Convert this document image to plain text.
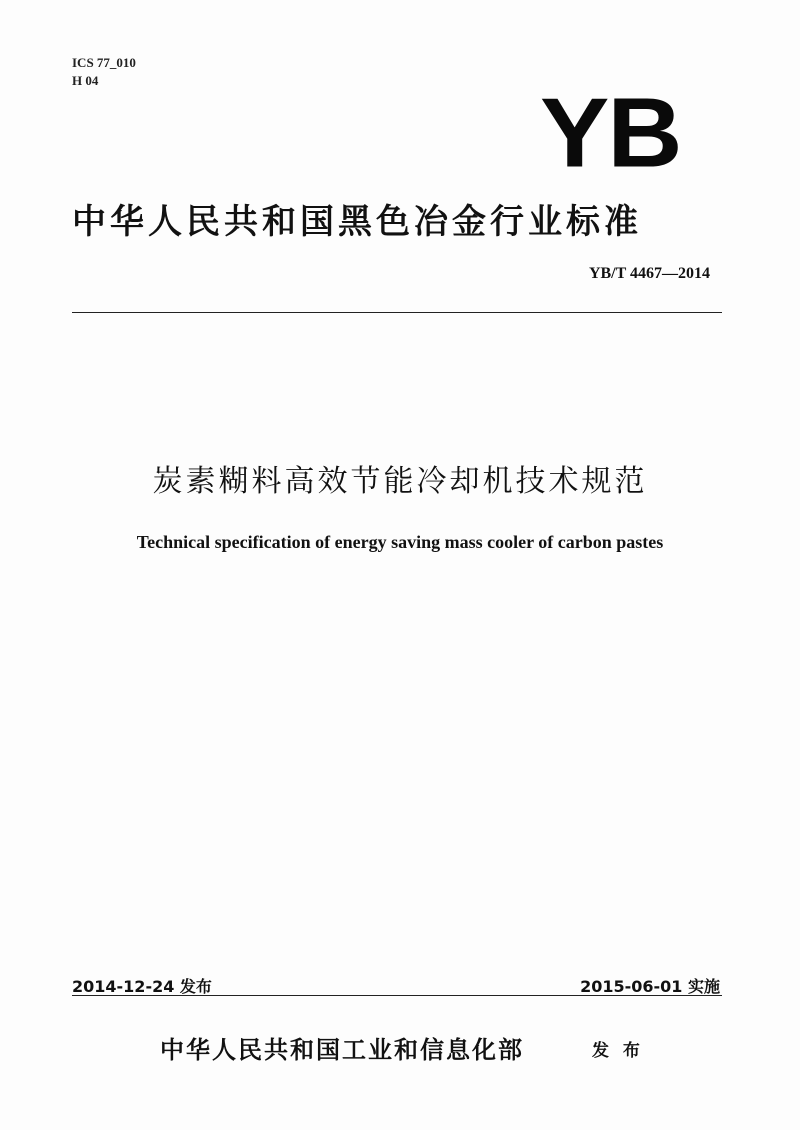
ICS 77_010
H 04	YB
中华人民共和国黑色冶金行业标准
YB/T 4467—2014
炭素糊料高效节能冷却机技术规范
Technical specification of energy saving mass cooler of carbon pastes
2014-12-24 发布	2015-06-01 实施
中华人民共和国工业和信息化部	发 布
